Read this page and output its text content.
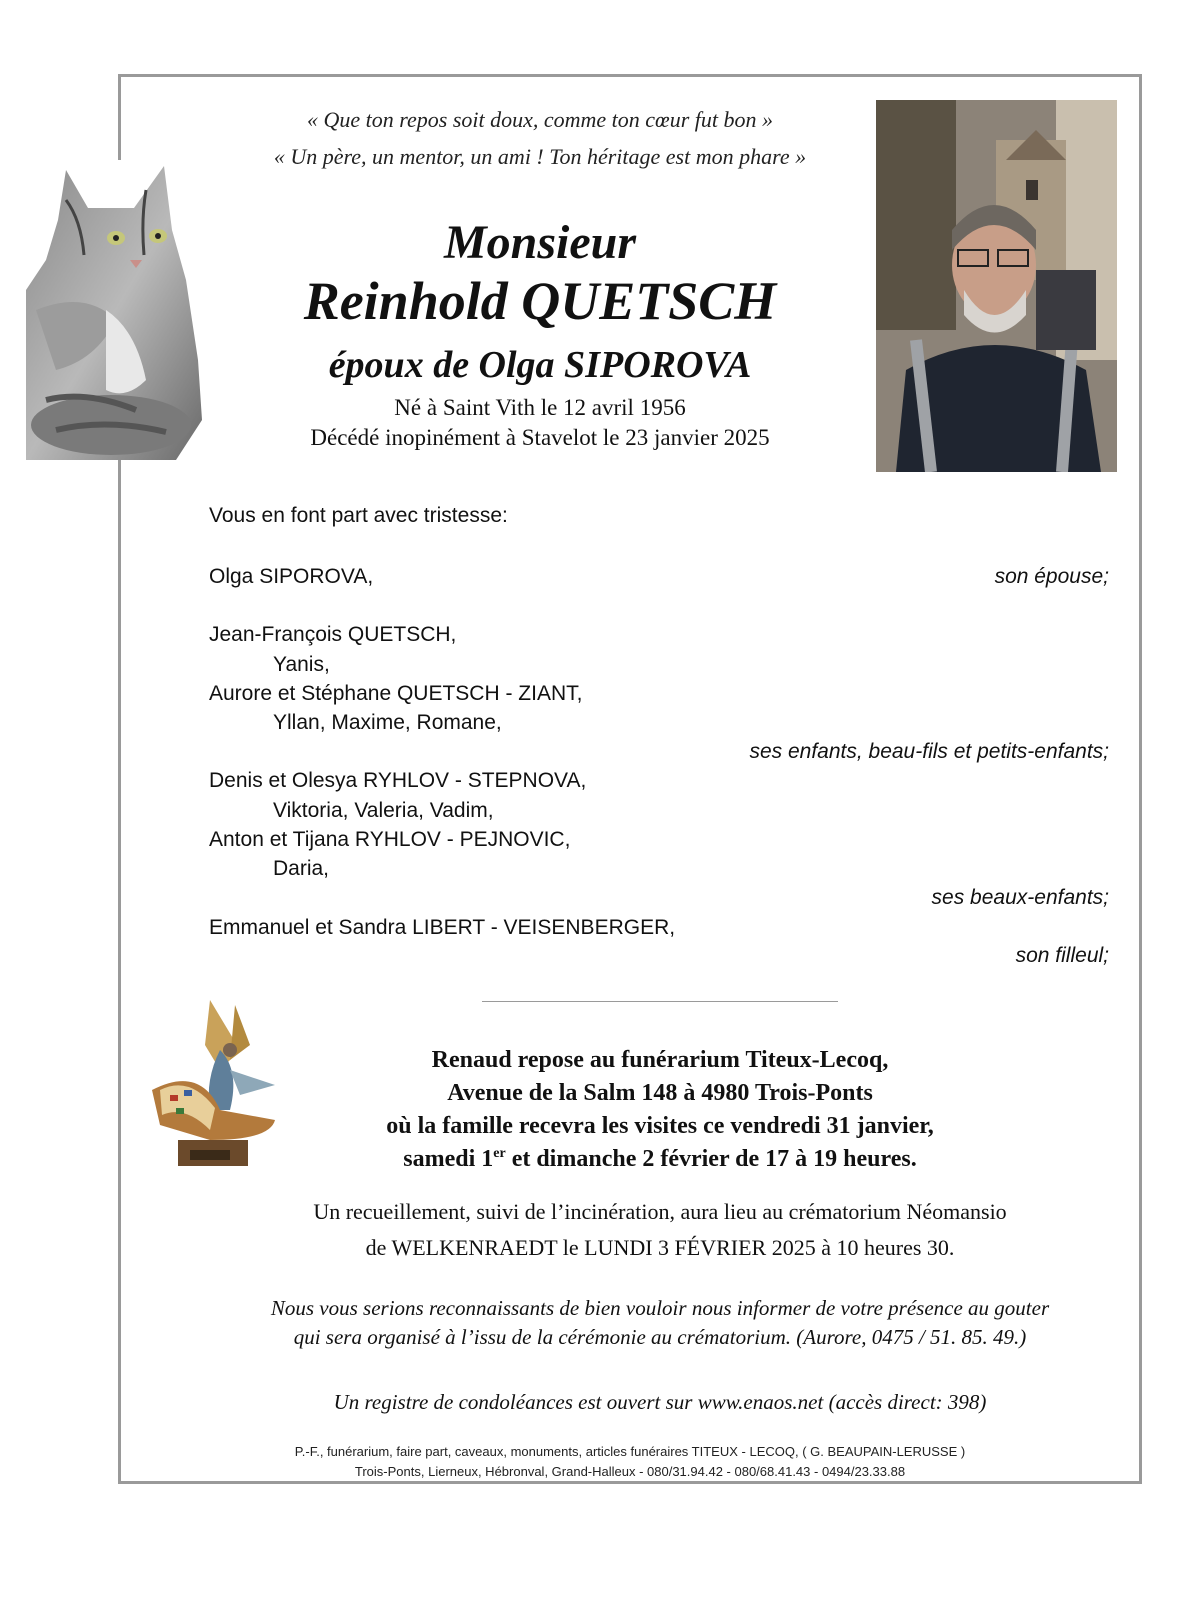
« Que ton repos soit doux, comme ton cœur fut bon »
« Un père, un mentor, un ami ! Ton héritage est mon phare »
Monsieur
Reinhold QUETSCH
époux de Olga SIPOROVA
Né à Saint Vith le 12 avril 1956
Décédé inopinément à Stavelot le 23 janvier 2025
Vous en font part avec tristesse:
Olga SIPOROVA,	son épouse;
Jean-François QUETSCH,
Yanis,
Aurore et Stéphane QUETSCH - ZIANT,
Yllan, Maxime, Romane,
ses enfants, beau-fils et petits-enfants;
Denis et Olesya RYHLOV - STEPNOVA,
Viktoria, Valeria, Vadim,
Anton et Tijana RYHLOV - PEJNOVIC,
Daria,
ses beaux-enfants;
Emmanuel et Sandra LIBERT - VEISENBERGER,
son filleul;
Renaud repose au funérarium Titeux-Lecoq,
Avenue de la Salm 148 à 4980 Trois-Ponts
où la famille recevra les visites ce vendredi 31 janvier,
samedi 1er et dimanche 2 février de 17 à 19 heures.
Un recueillement, suivi de l’incinération, aura lieu au crématorium Néomansio
de WELKENRAEDT le LUNDI 3 FÉVRIER 2025 à 10 heures 30.
Nous vous serions reconnaissants de bien vouloir nous informer de votre présence au gouter
qui sera organisé à l’issu de la cérémonie au crématorium. (Aurore, 0475 / 51. 85. 49.)
Un registre de condoléances est ouvert sur www.enaos.net (accès direct: 398)
P.-F., funérarium, faire part, caveaux, monuments, articles funéraires TITEUX - LECOQ, ( G. BEAUPAIN-LERUSSE )
Trois-Ponts, Lierneux, Hébronval, Grand-Halleux - 080/31.94.42 - 080/68.41.43 - 0494/23.33.88
